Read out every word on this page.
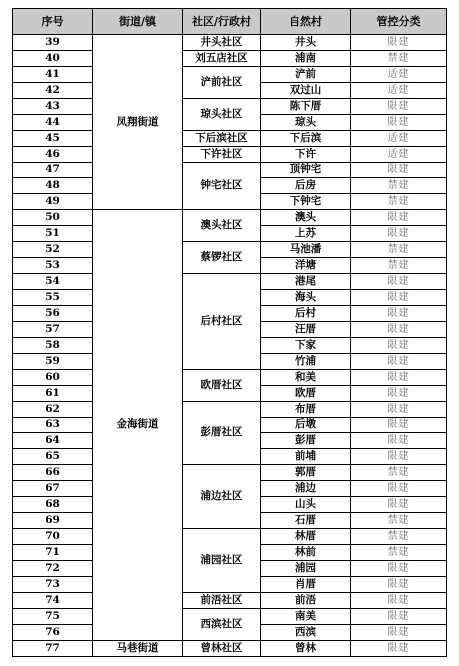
序号	街道/镇	社区/行政村	自然村	管控分类
39	凤翔街道	井头社区	井头	限建
40		刘五店社区	浦南	禁建
41		浐前社区	浐前	适建
42			双过山	适建
43		琼头社区	陈下厝	限建
44			琼头	限建
45		下后滨社区	下后滨	适建
46		下许社区	下许	适建
47		钟宅社区	顶钟宅	限建
48			后房	禁建
49			下钟宅	禁建
50	金海街道	澳头社区	澳头	限建
51			上苏	限建
52		蔡锣社区	马池潘	禁建
53			洋塘	禁建
54		后村社区	港尾	限建
55			海头	限建
56			后村	限建
57			汪厝	限建
58			下家	限建
59			竹浦	限建
60		欧厝社区	和美	限建
61			欧厝	限建
62		彭厝社区	布厝	限建
63			后墩	限建
64			彭厝	限建
65			前埔	限建
66		浦边社区	郭厝	禁建
67			浦边	限建
68			山头	限建
69			石厝	禁建
70		浦园社区	林厝	禁建
71			林前	禁建
72			浦园	限建
73			肖厝	限建
74		前浯社区	前浯	限建
75		西滨社区	南美	限建
76			西滨	限建
77	马巷街道	曾林社区	曾林	限建
